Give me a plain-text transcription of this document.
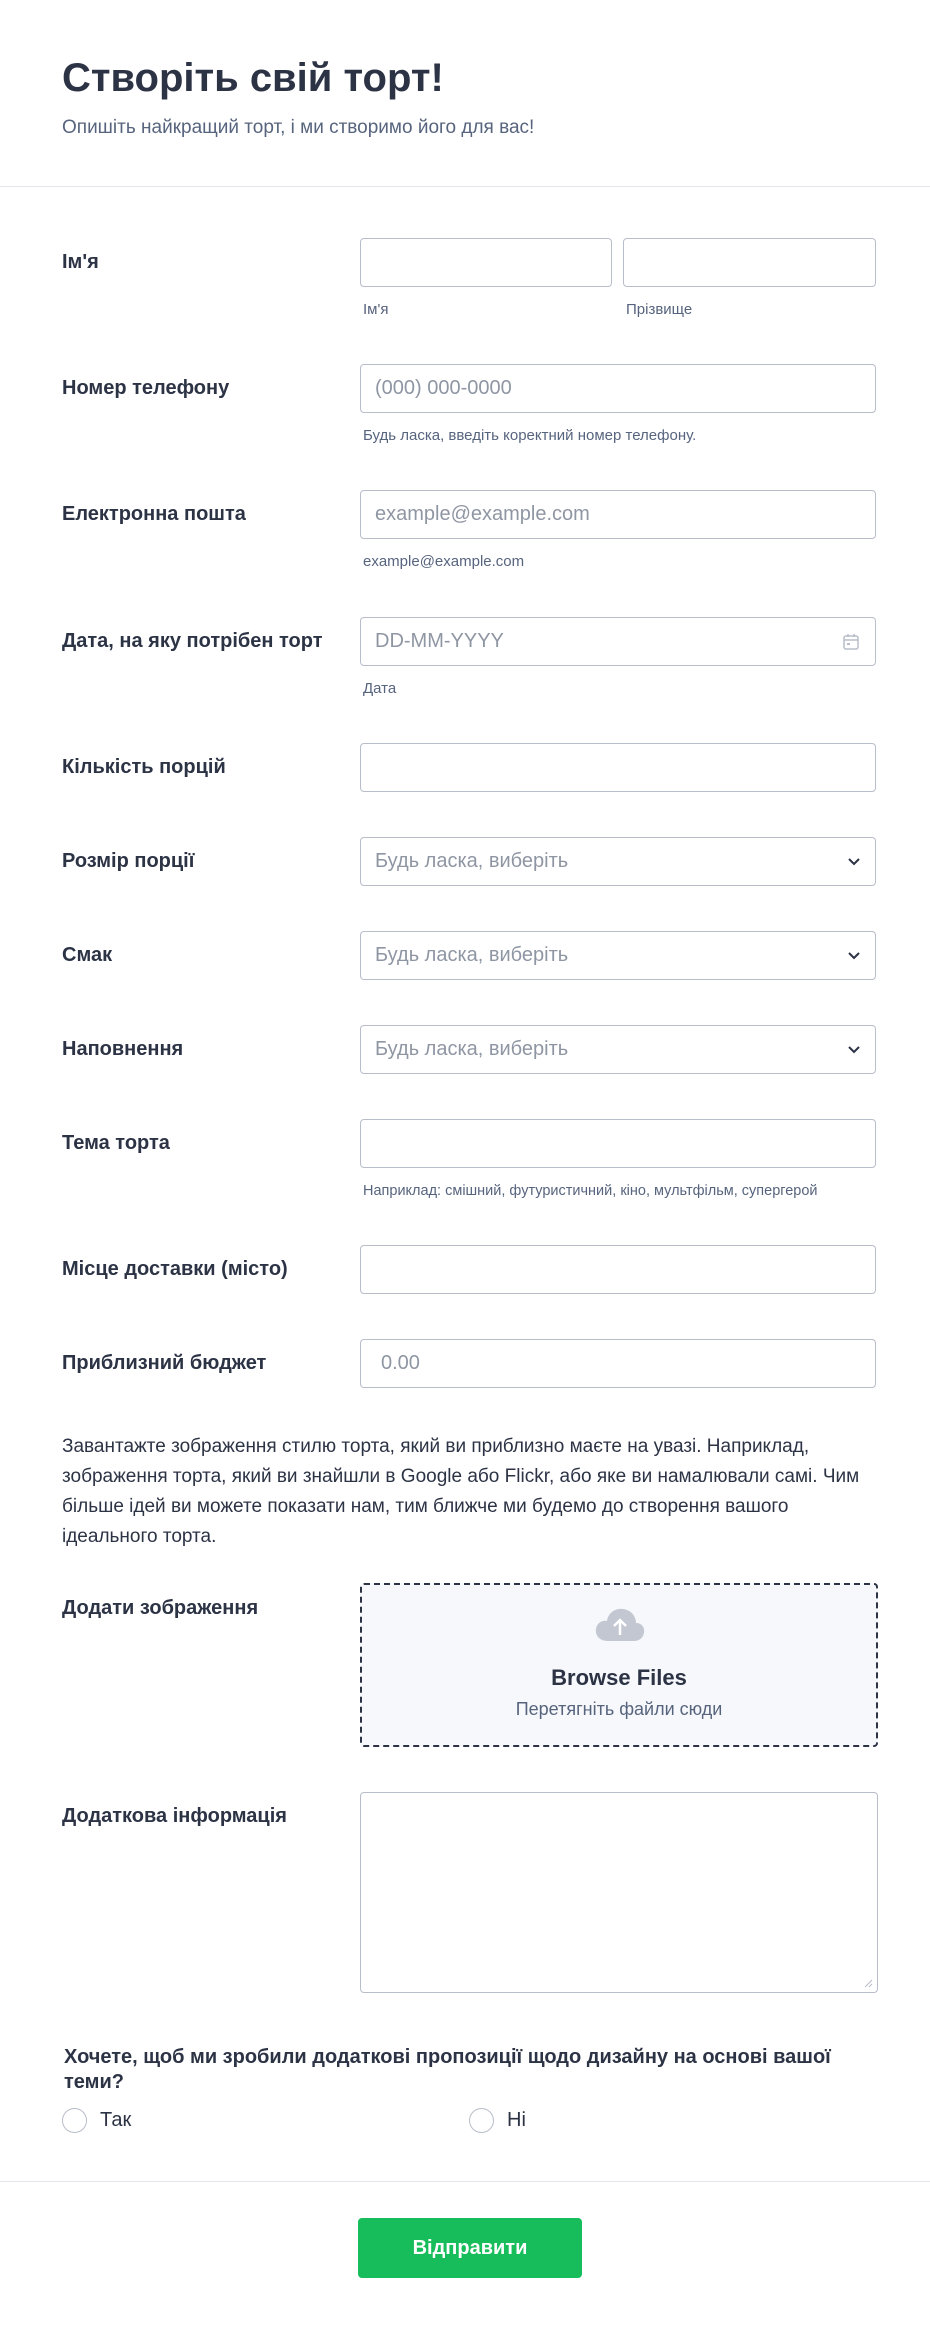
Створіть свій торт!
Опишіть найкращий торт, і ми створимо його для вас!
Ім'я
Ім'я	Прізвище
Номер телефону	(000) 000-0000
Будь ласка, введіть коректний номер телефону.
Електронна пошта	example@example.com
example@example.com
Дата, на яку потрібен торт	DD-MM-YYYY
Дата
Кількість порцій
Розмір порції	Будь ласка, виберіть
Смак	Будь ласка, виберіть
Наповнення	Будь ласка, виберіть
Тема торта
Наприклад: смішний, футуристичний, кіно, мультфільм, супергерой
Місце доставки (місто)
Приблизний бюджет	0.00
Завантажте зображення стилю торта, який ви приблизно маєте на увазі. Наприклад, зображення торта, який ви знайшли в Google або Flickr, або яке ви намалювали самі. Чим більше ідей ви можете показати нам, тим ближче ми будемо до створення вашого ідеального торта.
Додати зображення
Browse Files
Перетягніть файли сюди
Додаткова інформація
Хочете, щоб ми зробили додаткові пропозиції щодо дизайну на основі вашої теми?
Так	Ні
Відправити
